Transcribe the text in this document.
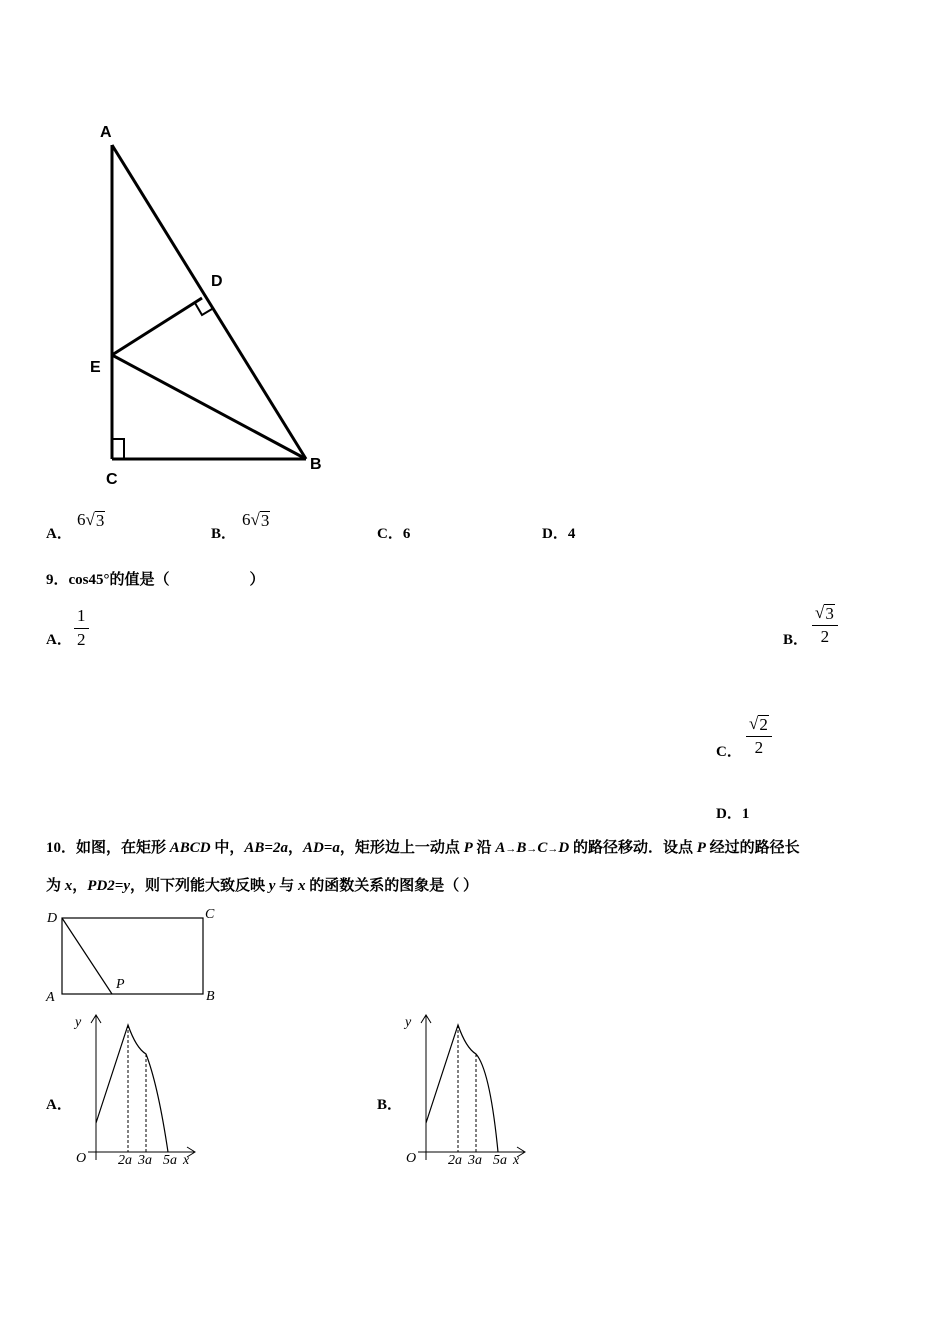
A
D
E
C
B
A．
6 √ 3
B．
6 √ 3
C．6	D．4
9．cos45°的值是（	）
A． $\frac{1}{2}$	B． $\frac{√ 3}{2}$
C． $\frac{√ 2}{2}$
D．1
10．如图，在矩形 ABCD 中，AB=2a，AD=a，矩形边上一动点 P 沿 A→B→C→D 的路径移动．设点 P 经过的路径长
为 x，PD2=y，则下列能大致反映 y 与 x 的函数关系的图象是（ ）
D	C
A	B
P
A．
y
O 2a 3a 5a x
B．
y
O 2a 3a 5a x
